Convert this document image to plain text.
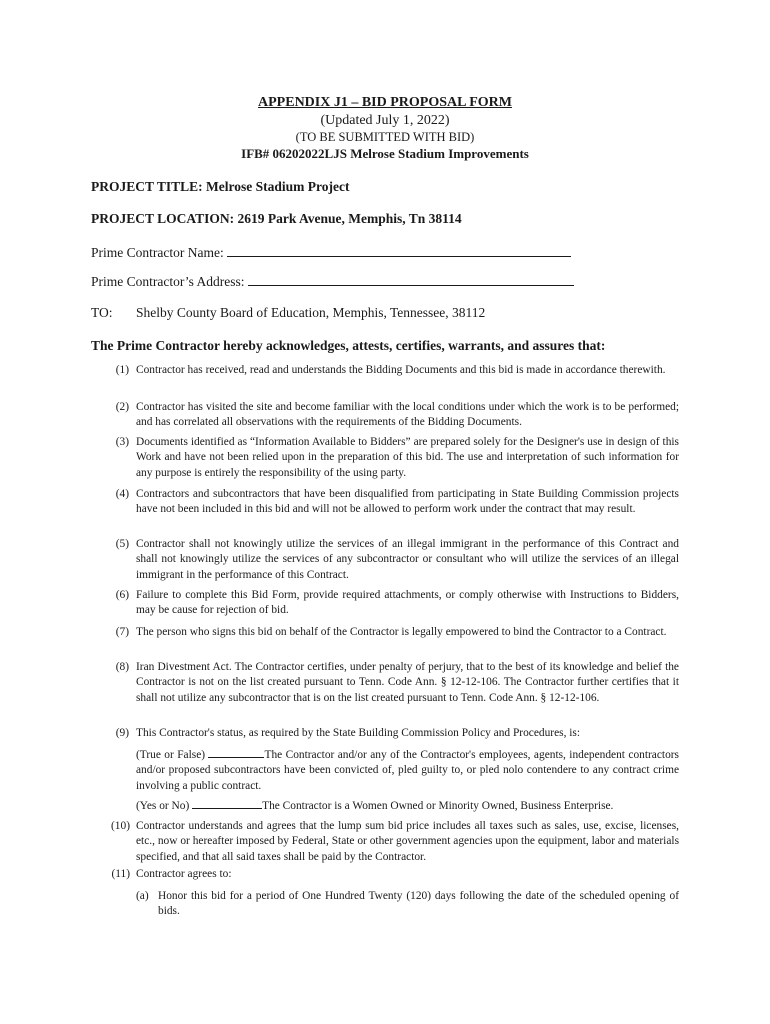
APPENDIX J1 – BID PROPOSAL FORM
(Updated July 1, 2022)
(TO BE SUBMITTED WITH BID)
IFB# 06202022LJS Melrose Stadium Improvements
PROJECT TITLE: Melrose Stadium Project
PROJECT LOCATION: 2619 Park Avenue, Memphis, Tn 38114
Prime Contractor Name:
Prime Contractor’s Address:
TO: Shelby County Board of Education, Memphis, Tennessee, 38112
The Prime Contractor hereby acknowledges, attests, certifies, warrants, and assures that:
(1) Contractor has received, read and understands the Bidding Documents and this bid is made in accordance therewith.
(2) Contractor has visited the site and become familiar with the local conditions under which the work is to be performed; and has correlated all observations with the requirements of the Bidding Documents.
(3) Documents identified as “Information Available to Bidders” are prepared solely for the Designer's use in design of this Work and have not been relied upon in the preparation of this bid. The use and interpretation of such information for any purpose is entirely the responsibility of the using party.
(4) Contractors and subcontractors that have been disqualified from participating in State Building Commission projects have not been included in this bid and will not be allowed to perform work under the contract that may result.
(5) Contractor shall not knowingly utilize the services of an illegal immigrant in the performance of this Contract and shall not knowingly utilize the services of any subcontractor or consultant who will utilize the services of an illegal immigrant in the performance of this Contract.
(6) Failure to complete this Bid Form, provide required attachments, or comply otherwise with Instructions to Bidders, may be cause for rejection of bid.
(7) The person who signs this bid on behalf of the Contractor is legally empowered to bind the Contractor to a Contract.
(8) Iran Divestment Act. The Contractor certifies, under penalty of perjury, that to the best of its knowledge and belief the Contractor is not on the list created pursuant to Tenn. Code Ann. § 12-12-106. The Contractor further certifies that it shall not utilize any subcontractor that is on the list created pursuant to Tenn. Code Ann. § 12-12-106.
(9) This Contractor's status, as required by the State Building Commission Policy and Procedures, is:
(True or False)	The Contractor and/or any of the Contractor's employees, agents, independent contractors and/or proposed subcontractors have been convicted of, pled guilty to, or pled nolo contendere to any contract crime involving a public contract.
(Yes or No)	The Contractor is a Women Owned or Minority Owned, Business Enterprise.
(10) Contractor understands and agrees that the lump sum bid price includes all taxes such as sales, use, excise, licenses, etc., now or hereafter imposed by Federal, State or other government agencies upon the equipment, labor and materials specified, and that all said taxes shall be paid by the Contractor.
(11) Contractor agrees to:
(a) Honor this bid for a period of One Hundred Twenty (120) days following the date of the scheduled opening of bids.
